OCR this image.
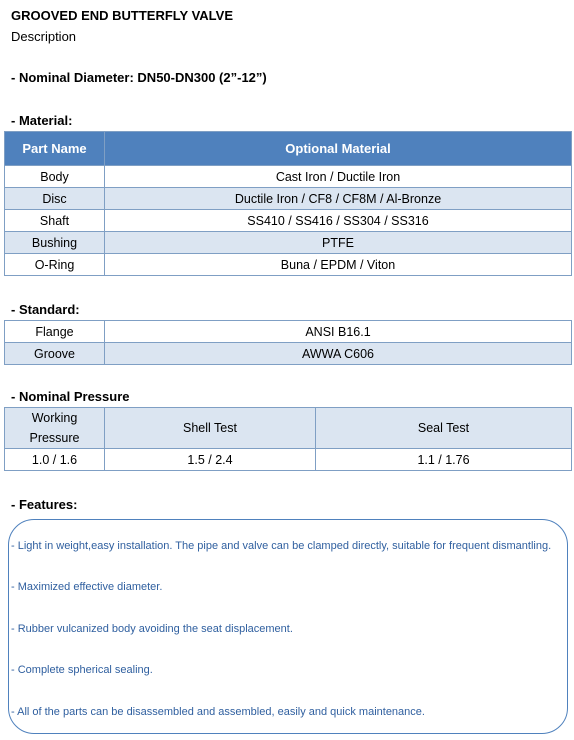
GROOVED END BUTTERFLY VALVE
Description
- Nominal Diameter: DN50-DN300 (2”-12”)
- Material:
Part Name	Optional Material
Body	Cast Iron / Ductile Iron
Disc	Ductile Iron / CF8 / CF8M / Al-Bronze
Shaft	SS410 / SS416 / SS304 / SS316
Bushing	PTFE
O-Ring	Buna / EPDM / Viton
- Standard:
Flange	ANSI B16.1
Groove	AWWA C606
- Nominal Pressure
Working Pressure	Shell Test	Seal Test
1.0 / 1.6	1.5 / 2.4	1.1 / 1.76
- Features:
- Light in weight,easy installation. The pipe and valve can be clamped directly, suitable for frequent dismantling.
- Maximized effective diameter.
- Rubber vulcanized body avoiding the seat displacement.
- Complete spherical sealing.
- All of the parts can be disassembled and assembled, easily and quick maintenance.
